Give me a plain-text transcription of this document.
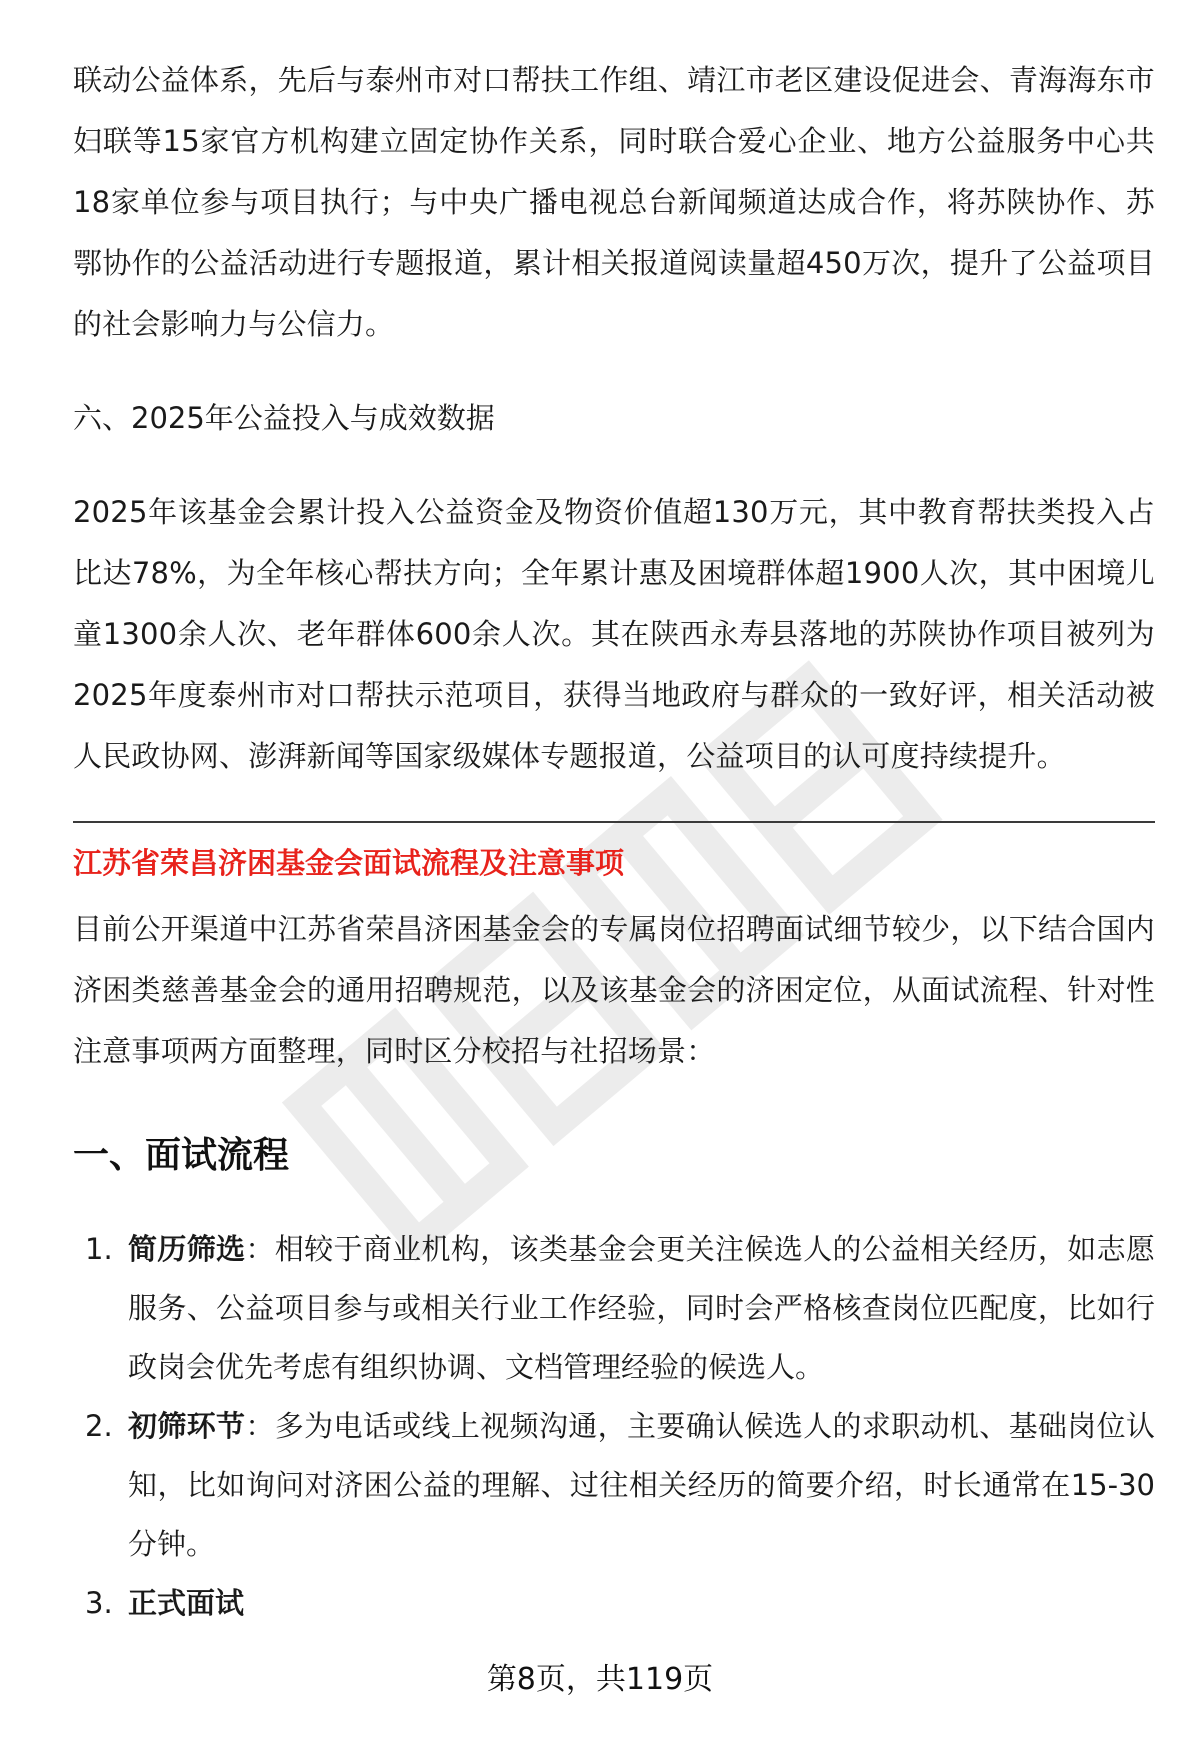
联动公益体系，先后与泰州市对口帮扶工作组、靖江市老区建设促进会、青海海东市妇联等15家官方机构建立固定协作关系，同时联合爱心企业、地方公益服务中心共18家单位参与项目执行；与中央广播电视总台新闻频道达成合作，将苏陕协作、苏鄂协作的公益活动进行专题报道，累计相关报道阅读量超450万次，提升了公益项目的社会影响力与公信力。

六、2025年公益投入与成效数据

2025年该基金会累计投入公益资金及物资价值超130万元，其中教育帮扶类投入占比达78%，为全年核心帮扶方向；全年累计惠及困境群体超1900人次，其中困境儿童1300余人次、老年群体600余人次。其在陕西永寿县落地的苏陕协作项目被列为2025年度泰州市对口帮扶示范项目，获得当地政府与群众的一致好评，相关活动被人民政协网、澎湃新闻等国家级媒体专题报道，公益项目的认可度持续提升。

江苏省荣昌济困基金会面试流程及注意事项

目前公开渠道中江苏省荣昌济困基金会的专属岗位招聘面试细节较少，以下结合国内济困类慈善基金会的通用招聘规范，以及该基金会的济困定位，从面试流程、针对性注意事项两方面整理，同时区分校招与社招场景：

一、面试流程
1. 简历筛选：相较于商业机构，该类基金会更关注候选人的公益相关经历，如志愿服务、公益项目参与或相关行业工作经验，同时会严格核查岗位匹配度，比如行政岗会优先考虑有组织协调、文档管理经验的候选人。
2. 初筛环节：多为电话或线上视频沟通，主要确认候选人的求职动机、基础岗位认知，比如询问对济困公益的理解、过往相关经历的简要介绍，时长通常在15-30分钟。
3. 正式面试
第8页，共119页
